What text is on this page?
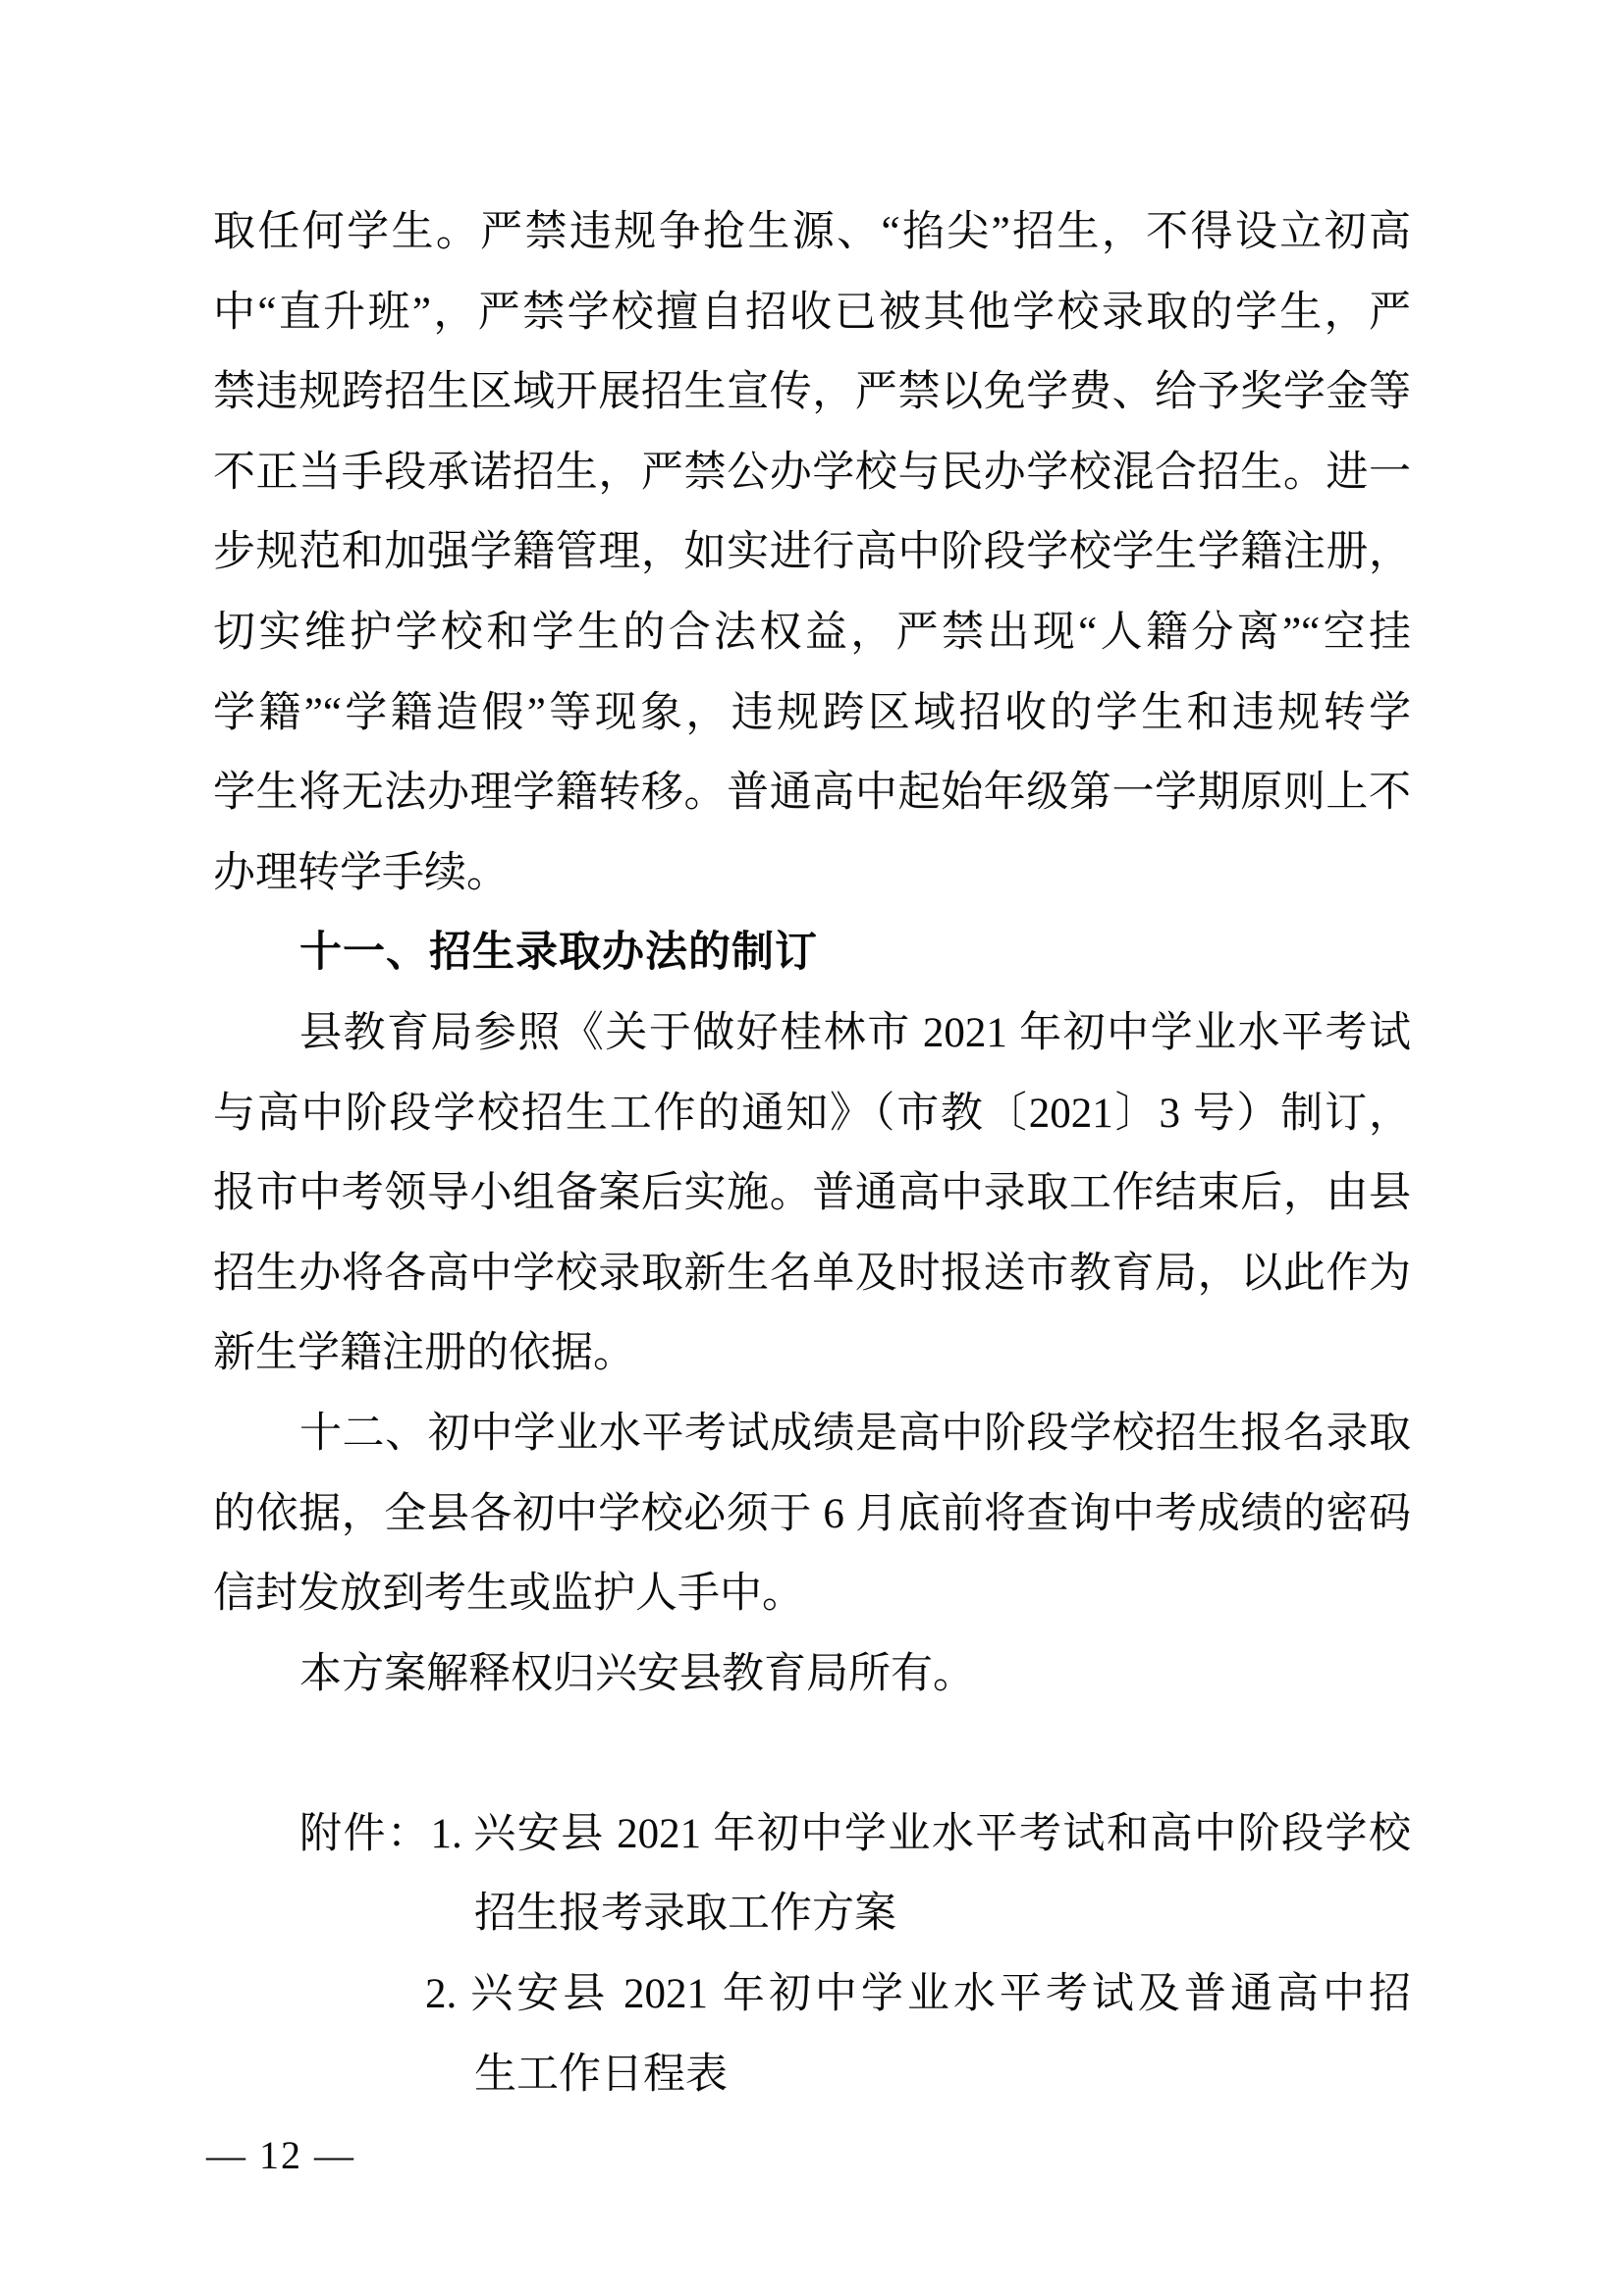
取任何学生。严禁违规争抢生源、“掐尖”招生，不得设立初高
中“直升班”，严禁学校擅自招收已被其他学校录取的学生，严
禁违规跨招生区域开展招生宣传，严禁以免学费、给予奖学金等
不正当手段承诺招生，严禁公办学校与民办学校混合招生。进一
步规范和加强学籍管理，如实进行高中阶段学校学生学籍注册，
切实维护学校和学生的合法权益，严禁出现“人籍分离”“空挂
学籍”“学籍造假”等现象，违规跨区域招收的学生和违规转学
学生将无法办理学籍转移。普通高中起始年级第一学期原则上不
办理转学手续。
十一、招生录取办法的制订
县教育局参照《关于做好桂林市 2021 年初中学业水平考试
与高中阶段学校招生工作的通知》（市教〔2021〕3 号）制订，
报市中考领导小组备案后实施。普通高中录取工作结束后，由县
招生办将各高中学校录取新生名单及时报送市教育局，以此作为
新生学籍注册的依据。
十二、初中学业水平考试成绩是高中阶段学校招生报名录取
的依据，全县各初中学校必须于 6 月底前将查询中考成绩的密码
信封发放到考生或监护人手中。
本方案解释权归兴安县教育局所有。
附件：1. 兴安县 2021 年初中学业水平考试和高中阶段学校
招生报考录取工作方案
2. 兴安县 2021 年初中学业水平考试及普通高中招
生工作日程表
— 12 —
